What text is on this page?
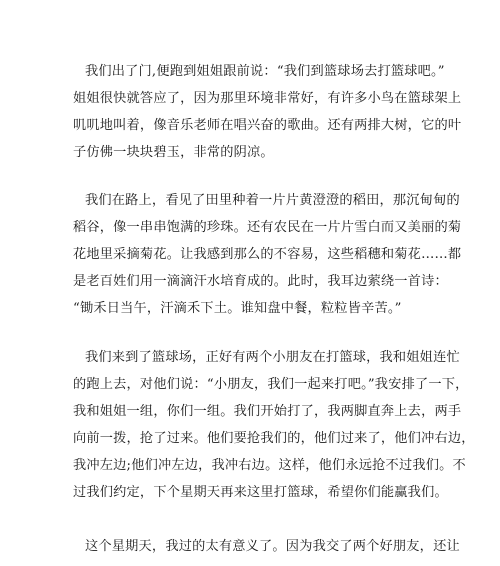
我们出了门,便跑到姐姐跟前说：“我们到篮球场去打篮球吧。”
姐姐很快就答应了，因为那里环境非常好，有许多小鸟在篮球架上
叽叽地叫着，像音乐老师在唱兴奋的歌曲。还有两排大树，它的叶
子仿佛一块块碧玉，非常的阴凉。
我们在路上，看见了田里种着一片片黄澄澄的稻田，那沉甸甸的
稻谷，像一串串饱满的珍珠。还有农民在一片片雪白而又美丽的菊
花地里采摘菊花。让我感到那么的不容易，这些稻穗和菊花……都
是老百姓们用一滴滴汗水培育成的。此时，我耳边萦绕一首诗：
“锄禾日当午，汗滴禾下土。谁知盘中餐，粒粒皆辛苦。”
我们来到了篮球场，正好有两个小朋友在打篮球，我和姐姐连忙
的跑上去，对他们说：“小朋友，我们一起来打吧。”我安排了一下，
我和姐姐一组，你们一组。我们开始打了，我两脚直奔上去，两手
向前一拨，抢了过来。他们要抢我们的，他们过来了，他们冲右边，
我冲左边;他们冲左边，我冲右边。这样，他们永远抢不过我们。不
过我们约定，下个星期天再来这里打篮球，希望你们能赢我们。
这个星期天，我过的太有意义了。因为我交了两个好朋友，还让
